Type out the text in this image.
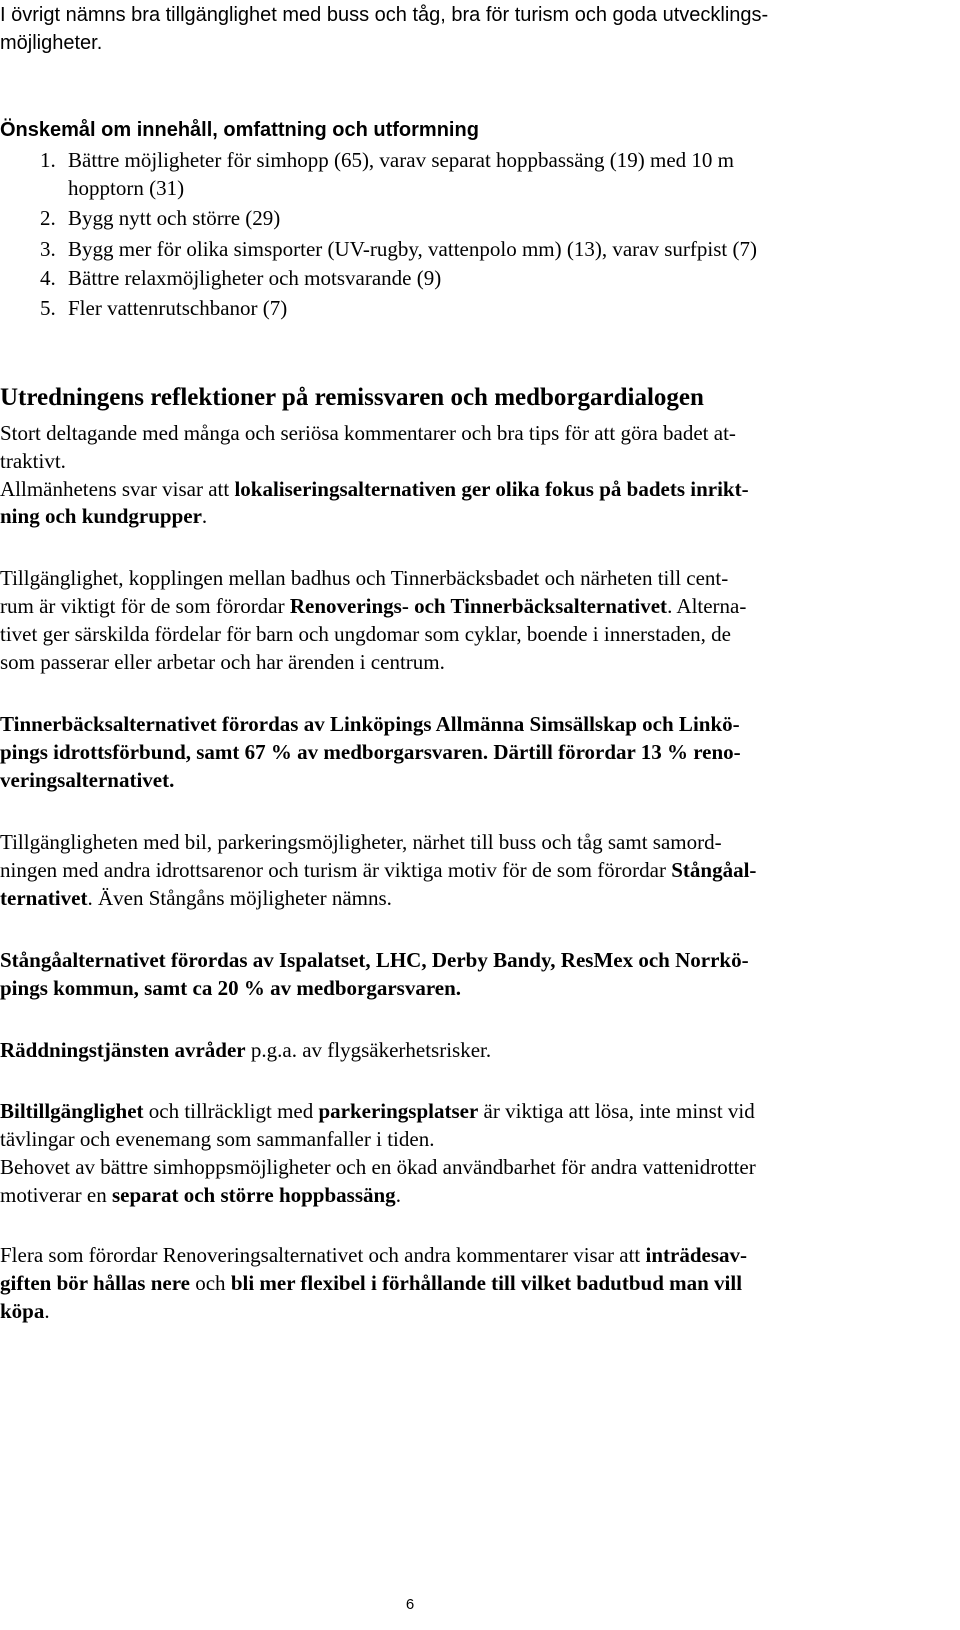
I övrigt nämns bra tillgänglighet med buss och tåg, bra för turism och goda utvecklings-
möjligheter.
Önskemål om innehåll, omfattning och utformning
1. Bättre möjligheter för simhopp (65), varav separat hoppbassäng (19) med 10 m
hopptorn (31)
2. Bygg nytt och större (29)
3. Bygg mer för olika simsporter (UV-rugby, vattenpolo mm) (13), varav surfpist (7)
4. Bättre relaxmöjligheter och motsvarande (9)
5. Fler vattenrutschbanor (7)
Utredningens reflektioner på remissvaren och medborgardialogen
Stort deltagande med många och seriösa kommentarer och bra tips för att göra badet at-
traktivt.
Allmänhetens svar visar att lokaliseringsalternativen ger olika fokus på badets inrikt-
ning och kundgrupper.
Tillgänglighet, kopplingen mellan badhus och Tinnerbäcksbadet och närheten till cent-
rum är viktigt för de som förordar Renoverings- och Tinnerbäcksalternativet. Alterna-
tivet ger särskilda fördelar för barn och ungdomar som cyklar, boende i innerstaden, de
som passerar eller arbetar och har ärenden i centrum.
Tinnerbäcksalternativet förordas av Linköpings Allmänna Simsällskap och Linkö-
pings idrottsförbund, samt 67 % av medborgarsvaren. Därtill förordar 13 % reno-
veringsalternativet.
Tillgängligheten med bil, parkeringsmöjligheter, närhet till buss och tåg samt samord-
ningen med andra idrottsarenor och turism är viktiga motiv för de som förordar Stångåal-
ternativet. Även Stångåns möjligheter nämns.
Stångåalternativet förordas av Ispalatset, LHC, Derby Bandy, ResMex och Norrkö-
pings kommun, samt ca 20 % av medborgarsvaren.
Räddningstjänsten avråder p.g.a. av flygsäkerhetsrisker.
Biltillgänglighet och tillräckligt med parkeringsplatser är viktiga att lösa, inte minst vid
tävlingar och evenemang som sammanfaller i tiden.
Behovet av bättre simhoppsmöjligheter och en ökad användbarhet för andra vattenidrotter
motiverar en separat och större hoppbassäng.
Flera som förordar Renoveringsalternativet och andra kommentarer visar att inträdesav-
giften bör hållas nere och bli mer flexibel i förhållande till vilket badutbud man vill
köpa.
6
